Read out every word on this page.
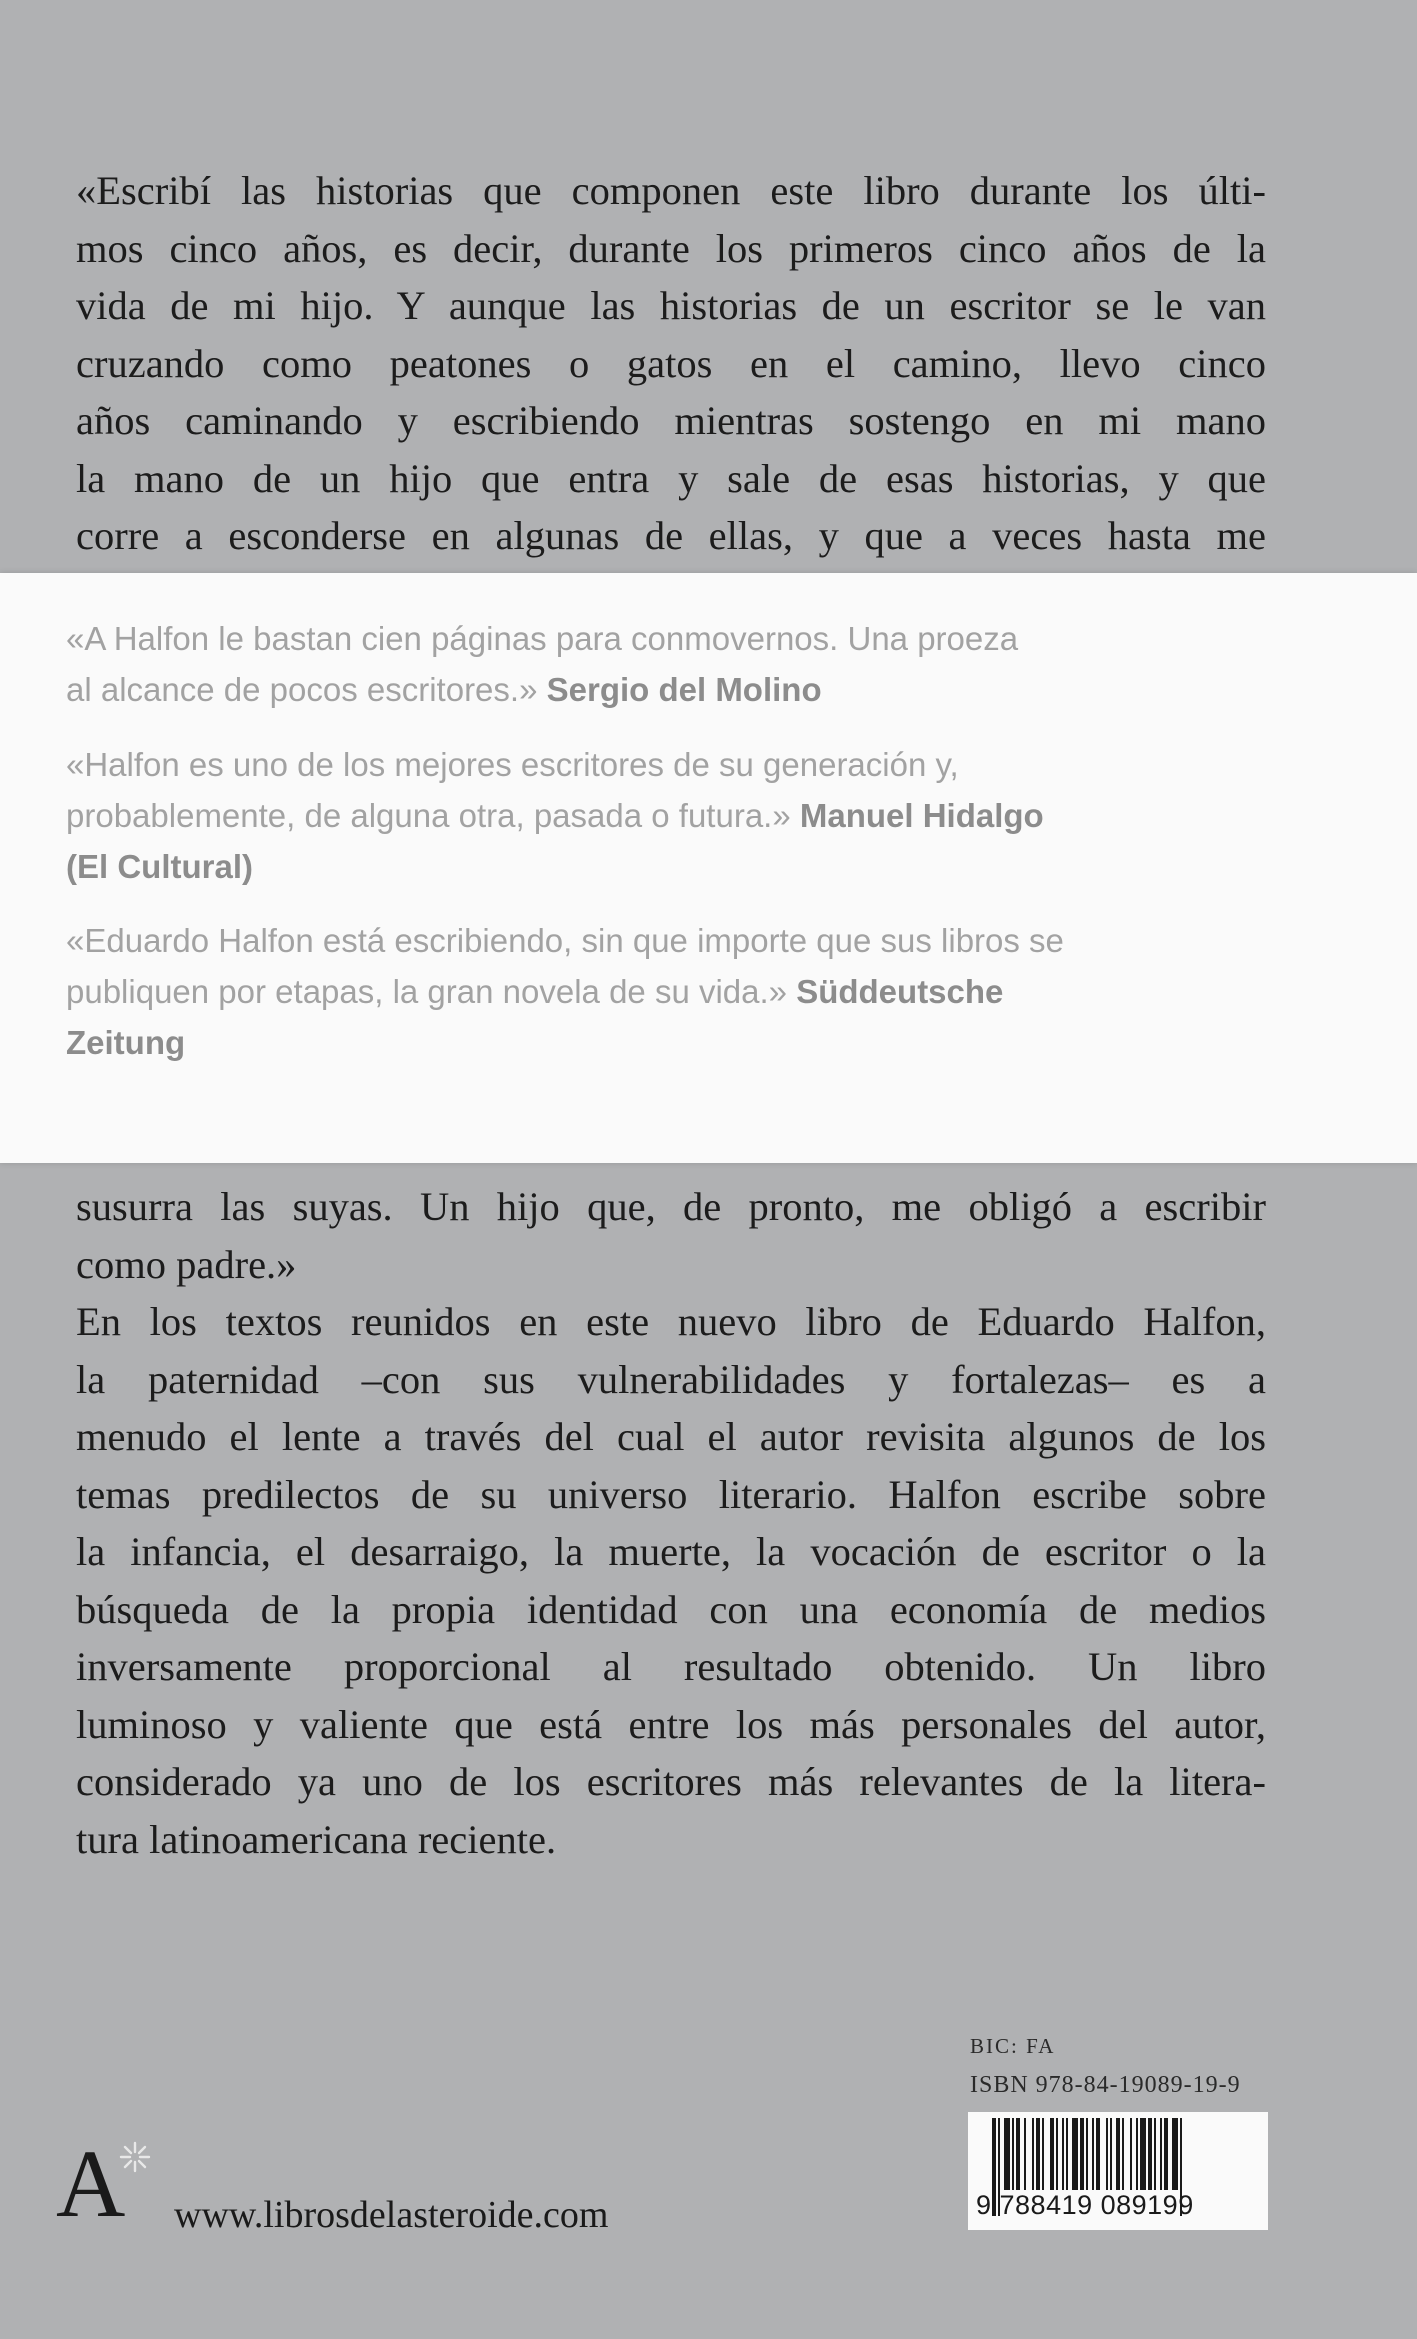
«Escribí las historias que componen este libro durante los últi-
mos cinco años, es decir, durante los primeros cinco años de la
vida de mi hijo. Y aunque las historias de un escritor se le van
cruzando como peatones o gatos en el camino, llevo cinco
años caminando y escribiendo mientras sostengo en mi mano
la mano de un hijo que entra y sale de esas historias, y que
corre a esconderse en algunas de ellas, y que a veces hasta me
«A Halfon le bastan cien páginas para conmovernos. Una proeza
al alcance de pocos escritores.» Sergio del Molino
«Halfon es uno de los mejores escritores de su generación y,
probablemente, de alguna otra, pasada o futura.» Manuel Hidalgo
(El Cultural)
«Eduardo Halfon está escribiendo, sin que importe que sus libros se
publiquen por etapas, la gran novela de su vida.» Süddeutsche
Zeitung
susurra las suyas. Un hijo que, de pronto, me obligó a escribir
como padre.»
En los textos reunidos en este nuevo libro de Eduardo Halfon,
la paternidad –con sus vulnerabilidades y fortalezas– es a
menudo el lente a través del cual el autor revisita algunos de los
temas predilectos de su universo literario. Halfon escribe sobre
la infancia, el desarraigo, la muerte, la vocación de escritor o la
búsqueda de la propia identidad con una economía de medios
inversamente proporcional al resultado obtenido. Un libro
luminoso y valiente que está entre los más personales del autor,
considerado ya uno de los escritores más relevantes de la litera-
tura latinoamericana reciente.
BIC: FA
ISBN 978-84-19089-19-9
9 788419 089199
A www.librosdelasteroide.com
